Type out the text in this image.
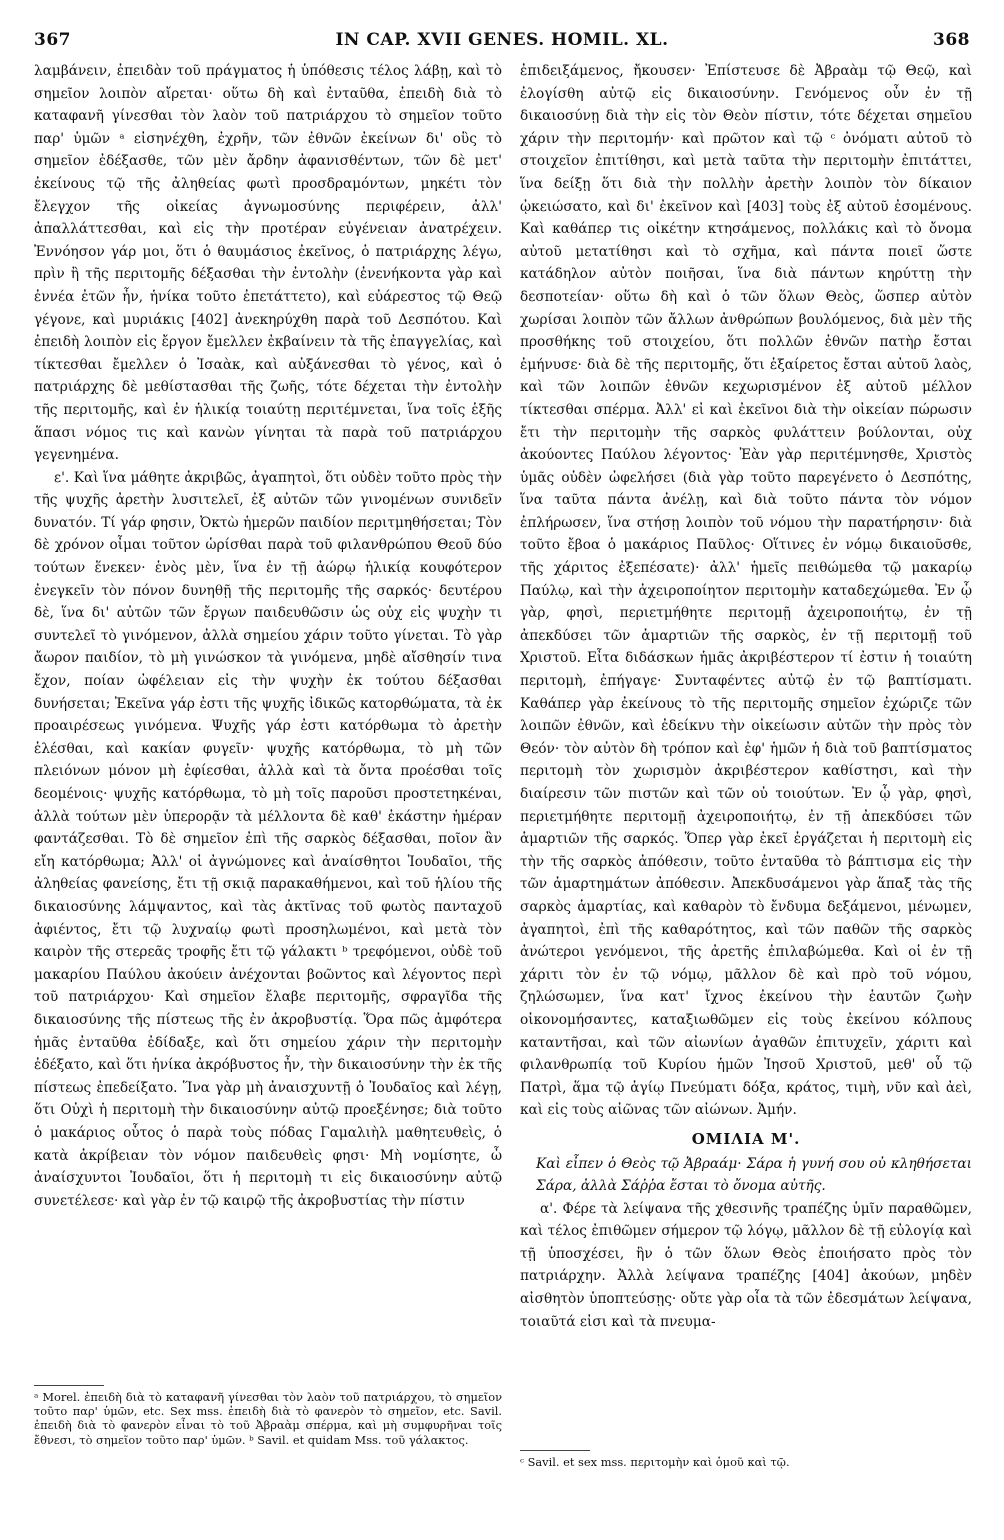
367	IN CAP. XVII GENES. HOMIL. XL.	368

λαμβάνειν, ἐπειδὰν τοῦ πράγματος ἡ ὑπόθεσις τέλος λάβῃ, καὶ τὸ σημεῖον λοιπὸν αἴρεται· οὕτω δὴ καὶ ἐνταῦθα, ἐπειδὴ διὰ τὸ καταφανῆ γίνεσθαι τὸν λαὸν τοῦ πατριάρχου τὸ σημεῖον τοῦτο παρ' ὑμῶν ᵃ εἰσηνέχθη, ἐχρῆν, τῶν ἐθνῶν ἐκείνων δι' οὓς τὸ σημεῖον ἐδέξασθε, τῶν μὲν ἄρδην ἀφανισθέντων, τῶν δὲ μετ' ἐκείνους τῷ τῆς ἀληθείας φωτὶ προσδραμόντων, μηκέτι τὸν ἔλεγχον τῆς οἰκείας ἀγνωμοσύνης περιφέρειν, ἀλλ' ἀπαλλάττεσθαι, καὶ εἰς τὴν προτέραν εὐγένειαν ἀνατρέχειν. Ἐννόησον γάρ μοι, ὅτι ὁ θαυμάσιος ἐκεῖνος, ὁ πατριάρχης λέγω, πρὶν ἢ τῆς περιτομῆς δέξασθαι τὴν ἐντολὴν (ἐνενήκοντα γὰρ καὶ ἐννέα ἐτῶν ἦν, ἡνίκα τοῦτο ἐπετάττετο), καὶ εὐάρεστος τῷ Θεῷ γέγονε, καὶ μυριάκις [402] ἀνεκηρύχθη παρὰ τοῦ Δεσπότου. Καὶ ἐπειδὴ λοιπὸν εἰς ἔργον ἔμελλεν ἐκβαίνειν τὰ τῆς ἐπαγγελίας, καὶ τίκτεσθαι ἔμελλεν ὁ Ἰσαὰκ, καὶ αὐξάνεσθαι τὸ γένος, καὶ ὁ πατριάρχης δὲ μεθίστασθαι τῆς ζωῆς, τότε δέχεται τὴν ἐντολὴν τῆς περιτομῆς, καὶ ἐν ἡλικίᾳ τοιαύτῃ περιτέμνεται, ἵνα τοῖς ἑξῆς ἅπασι νόμος τις καὶ κανὼν γίνηται τὰ παρὰ τοῦ πατριάρχου γεγενημένα.

ε'. Καὶ ἵνα μάθητε ἀκριβῶς, ἀγαπητοὶ, ὅτι οὐδὲν τοῦτο πρὸς τὴν τῆς ψυχῆς ἀρετὴν λυσιτελεῖ, ἐξ αὐτῶν τῶν γινομένων συνιδεῖν δυνατόν. Τί γάρ φησιν, Ὀκτὼ ἡμερῶν παιδίον περιτμηθήσεται; Τὸν δὲ χρόνον οἶμαι τοῦτον ὡρίσθαι παρὰ τοῦ φιλανθρώπου Θεοῦ δύο τούτων ἕνεκεν· ἑνὸς μὲν, ἵνα ἐν τῇ ἀώρῳ ἡλικίᾳ κουφότερον ἐνεγκεῖν τὸν πόνον δυνηθῇ τῆς περιτομῆς τῆς σαρκός· δευτέρου δὲ, ἵνα δι' αὐτῶν τῶν ἔργων παιδευθῶσιν ὡς οὐχ εἰς ψυχὴν τι συντελεῖ τὸ γινόμενον, ἀλλὰ σημείου χάριν τοῦτο γίνεται. Τὸ γὰρ ἄωρον παιδίον, τὸ μὴ γινώσκον τὰ γινόμενα, μηδὲ αἴσθησίν τινα ἔχον, ποίαν ὠφέλειαν εἰς τὴν ψυχὴν ἐκ τούτου δέξασθαι δυνήσεται; Ἐκεῖνα γάρ ἐστι τῆς ψυχῆς ἰδικῶς κατορθώματα, τὰ ἐκ προαιρέσεως γινόμενα. Ψυχῆς γάρ ἐστι κατόρθωμα τὸ ἀρετὴν ἑλέσθαι, καὶ κακίαν φυγεῖν· ψυχῆς κατόρθωμα, τὸ μὴ τῶν πλειόνων μόνον μὴ ἐφίεσθαι, ἀλλὰ καὶ τὰ ὄντα προέσθαι τοῖς δεομένοις· ψυχῆς κατόρθωμα, τὸ μὴ τοῖς παροῦσι προστετηκέναι, ἀλλὰ τούτων μὲν ὑπερορᾷν τὰ μέλλοντα δὲ καθ' ἑκάστην ἡμέραν φαντάζεσθαι. Τὸ δὲ σημεῖον ἐπὶ τῆς σαρκὸς δέξασθαι, ποῖον ἂν εἴη κατόρθωμα; Ἀλλ' οἱ ἀγνώμονες καὶ ἀναίσθητοι Ἰουδαῖοι, τῆς ἀληθείας φανείσης, ἔτι τῇ σκιᾷ παρακαθήμενοι, καὶ τοῦ ἡλίου τῆς δικαιοσύνης λάμψαντος, καὶ τὰς ἀκτῖνας τοῦ φωτὸς πανταχοῦ ἀφιέντος, ἔτι τῷ λυχναίῳ φωτὶ προσηλωμένοι, καὶ μετὰ τὸν καιρὸν τῆς στερεᾶς τροφῆς ἔτι τῷ γάλακτι ᵇ τρεφόμενοι, οὐδὲ τοῦ μακαρίου Παύλου ἀκούειν ἀνέχονται βοῶντος καὶ λέγοντος περὶ τοῦ πατριάρχου· Καὶ σημεῖον ἔλαβε περιτομῆς, σφραγῖδα τῆς δικαιοσύνης τῆς πίστεως τῆς ἐν ἀκροβυστίᾳ. Ὅρα πῶς ἀμφότερα ἡμᾶς ἐνταῦθα ἐδίδαξε, καὶ ὅτι σημείου χάριν τὴν περιτομὴν ἐδέξατο, καὶ ὅτι ἡνίκα ἀκρόβυστος ἦν, τὴν δικαιοσύνην τὴν ἐκ τῆς πίστεως ἐπεδείξατο. Ἵνα γὰρ μὴ ἀναισχυντῇ ὁ Ἰουδαῖος καὶ λέγῃ, ὅτι Οὐχὶ ἡ περιτομὴ τὴν δικαιοσύνην αὐτῷ προεξένησε; διὰ τοῦτο ὁ μακάριος οὗτος ὁ παρὰ τοὺς πόδας Γαμαλιὴλ μαθητευθεὶς, ὁ κατὰ ἀκρίβειαν τὸν νόμον παιδευθεὶς φησι· Μὴ νομίσητε, ὦ ἀναίσχυντοι Ἰουδαῖοι, ὅτι ἡ περιτομὴ τι εἰς δικαιοσύνην αὐτῷ συνετέλεσε· καὶ γὰρ ἐν τῷ καιρῷ τῆς ἀκροβυστίας τὴν πίστιν

ᵃ Morel. ἐπειδὴ διὰ τὸ καταφανῆ γίνεσθαι τὸν λαὸν τοῦ πατριάρχου, τὸ σημεῖον τοῦτο παρ' ὑμῶν, etc. Sex mss. ἐπειδὴ διὰ τὸ φανερὸν τὸ σημεῖον, etc. Savil. ἐπειδὴ διὰ τὸ φανερὸν εἶναι τὸ τοῦ Ἀβραὰμ σπέρμα, καὶ μὴ συμφυρῆναι τοῖς ἔθνεσι, τὸ σημεῖον τοῦτο παρ' ὑμῶν. ᵇ Savil. et quidam Mss. τοῦ γάλακτος.

ἐπιδειξάμενος, ἤκουσεν· Ἐπίστευσε δὲ Ἀβραὰμ τῷ Θεῷ, καὶ ἐλογίσθη αὐτῷ εἰς δικαιοσύνην. Γενόμενος οὖν ἐν τῇ δικαιοσύνῃ διὰ τὴν εἰς τὸν Θεὸν πίστιν, τότε δέχεται σημεῖου χάριν τὴν περιτομήν· καὶ πρῶτον καὶ τῷ ᶜ ὀνόματι αὐτοῦ τὸ στοιχεῖον ἐπιτίθησι, καὶ μετὰ ταῦτα τὴν περιτομὴν ἐπιτάττει, ἵνα δείξῃ ὅτι διὰ τὴν πολλὴν ἀρετὴν λοιπὸν τὸν δίκαιον ᾠκειώσατο, καὶ δι' ἐκεῖνον καὶ [403] τοὺς ἐξ αὐτοῦ ἐσομένους. Καὶ καθάπερ τις οἰκέτην κτησάμενος, πολλάκις καὶ τὸ ὄνομα αὐτοῦ μετατίθησι καὶ τὸ σχῆμα, καὶ πάντα ποιεῖ ὥστε κατάδηλον αὐτὸν ποιῆσαι, ἵνα διὰ πάντων κηρύττῃ τὴν δεσποτείαν· οὕτω δὴ καὶ ὁ τῶν ὅλων Θεὸς, ὥσπερ αὐτὸν χωρίσαι λοιπὸν τῶν ἄλλων ἀνθρώπων βουλόμενος, διὰ μὲν τῆς προσθήκης τοῦ στοιχείου, ὅτι πολλῶν ἐθνῶν πατὴρ ἔσται ἐμήνυσε· διὰ δὲ τῆς περιτομῆς, ὅτι ἐξαίρετος ἔσται αὐτοῦ λαὸς, καὶ τῶν λοιπῶν ἐθνῶν κεχωρισμένον ἐξ αὐτοῦ μέλλον τίκτεσθαι σπέρμα. Ἀλλ' εἰ καὶ ἐκεῖνοι διὰ τὴν οἰκείαν πώρωσιν ἔτι τὴν περιτομὴν τῆς σαρκὸς φυλάττειν βούλονται, οὐχ ἀκούοντες Παύλου λέγοντος· Ἐὰν γὰρ περιτέμνησθε, Χριστὸς ὑμᾶς οὐδὲν ὠφελήσει (διὰ γὰρ τοῦτο παρεγένετο ὁ Δεσπότης, ἵνα ταῦτα πάντα ἀνέλῃ, καὶ διὰ τοῦτο πάντα τὸν νόμον ἐπλήρωσεν, ἵνα στήσῃ λοιπὸν τοῦ νόμου τὴν παρατήρησιν· διὰ τοῦτο ἔβοα ὁ μακάριος Παῦλος· Οἵτινες ἐν νόμῳ δικαιοῦσθε, τῆς χάριτος ἐξεπέσατε)· ἀλλ' ἡμεῖς πειθώμεθα τῷ μακαρίῳ Παύλῳ, καὶ τὴν ἀχειροποίητον περιτομὴν καταδεχώμεθα. Ἐν ᾧ γὰρ, φησὶ, περιετμήθητε περιτομῇ ἀχειροποιήτῳ, ἐν τῇ ἀπεκδύσει τῶν ἁμαρτιῶν τῆς σαρκὸς, ἐν τῇ περιτομῇ τοῦ Χριστοῦ. Εἶτα διδάσκων ἡμᾶς ἀκριβέστερον τί ἐστιν ἡ τοιαύτη περιτομὴ, ἐπήγαγε· Συνταφέντες αὐτῷ ἐν τῷ βαπτίσματι. Καθάπερ γὰρ ἐκείνους τὸ τῆς περιτομῆς σημεῖον ἐχώριζε τῶν λοιπῶν ἐθνῶν, καὶ ἐδείκνυ τὴν οἰκείωσιν αὐτῶν τὴν πρὸς τὸν Θεόν· τὸν αὐτὸν δὴ τρόπον καὶ ἐφ' ἡμῶν ἡ διὰ τοῦ βαπτίσματος περιτομὴ τὸν χωρισμὸν ἀκριβέστερον καθίστησι, καὶ τὴν διαίρεσιν τῶν πιστῶν καὶ τῶν οὐ τοιούτων. Ἐν ᾧ γὰρ, φησὶ, περιετμήθητε περιτομῇ ἀχειροποιήτῳ, ἐν τῇ ἀπεκδύσει τῶν ἁμαρτιῶν τῆς σαρκός. Ὅπερ γὰρ ἐκεῖ ἐργάζεται ἡ περιτομὴ εἰς τὴν τῆς σαρκὸς ἀπόθεσιν, τοῦτο ἐνταῦθα τὸ βάπτισμα εἰς τὴν τῶν ἁμαρτημάτων ἀπόθεσιν. Ἀπεκδυσάμενοι γὰρ ἅπαξ τὰς τῆς σαρκὸς ἁμαρτίας, καὶ καθαρὸν τὸ ἔνδυμα δεξάμενοι, μένωμεν, ἀγαπητοὶ, ἐπὶ τῆς καθαρότητος, καὶ τῶν παθῶν τῆς σαρκὸς ἀνώτεροι γενόμενοι, τῆς ἀρετῆς ἐπιλαβώμεθα. Καὶ οἱ ἐν τῇ χάριτι τὸν ἐν τῷ νόμῳ, μᾶλλον δὲ καὶ πρὸ τοῦ νόμου, ζηλώσωμεν, ἵνα κατ' ἴχνος ἐκείνου τὴν ἑαυτῶν ζωὴν οἰκονομήσαντες, καταξιωθῶμεν εἰς τοὺς ἐκείνου κόλπους καταντῆσαι, καὶ τῶν αἰωνίων ἀγαθῶν ἐπιτυχεῖν, χάριτι καὶ φιλανθρωπίᾳ τοῦ Κυρίου ἡμῶν Ἰησοῦ Χριστοῦ, μεθ' οὗ τῷ Πατρὶ, ἅμα τῷ ἁγίῳ Πνεύματι δόξα, κράτος, τιμὴ, νῦν καὶ ἀεὶ, καὶ εἰς τοὺς αἰῶνας τῶν αἰώνων. Ἀμήν.

ΟΜΙΛΙΑ Μ'.

Καὶ εἶπεν ὁ Θεὸς τῷ Ἀβραάμ· Σάρα ἡ γυνή σου οὐ κληθήσεται Σάρα, ἀλλὰ Σάῤῥα ἔσται τὸ ὄνομα αὐτῆς.

α'. Φέρε τὰ λείψανα τῆς χθεσινῆς τραπέζης ὑμῖν παραθῶμεν, καὶ τέλος ἐπιθῶμεν σήμερον τῷ λόγῳ, μᾶλλον δὲ τῇ εὐλογίᾳ καὶ τῇ ὑποσχέσει, ἣν ὁ τῶν ὅλων Θεὸς ἐποιήσατο πρὸς τὸν πατριάρχην. Ἀλλὰ λείψανα τραπέζης [404] ἀκούων, μηδὲν αἰσθητὸν ὑποπτεύσῃς· οὔτε γὰρ οἷα τὰ τῶν ἐδεσμάτων λείψανα, τοιαῦτά εἰσι καὶ τὰ πνευμα-

ᶜ Savil. et sex mss. περιτομὴν καὶ ὁμοῦ καὶ τῷ.
